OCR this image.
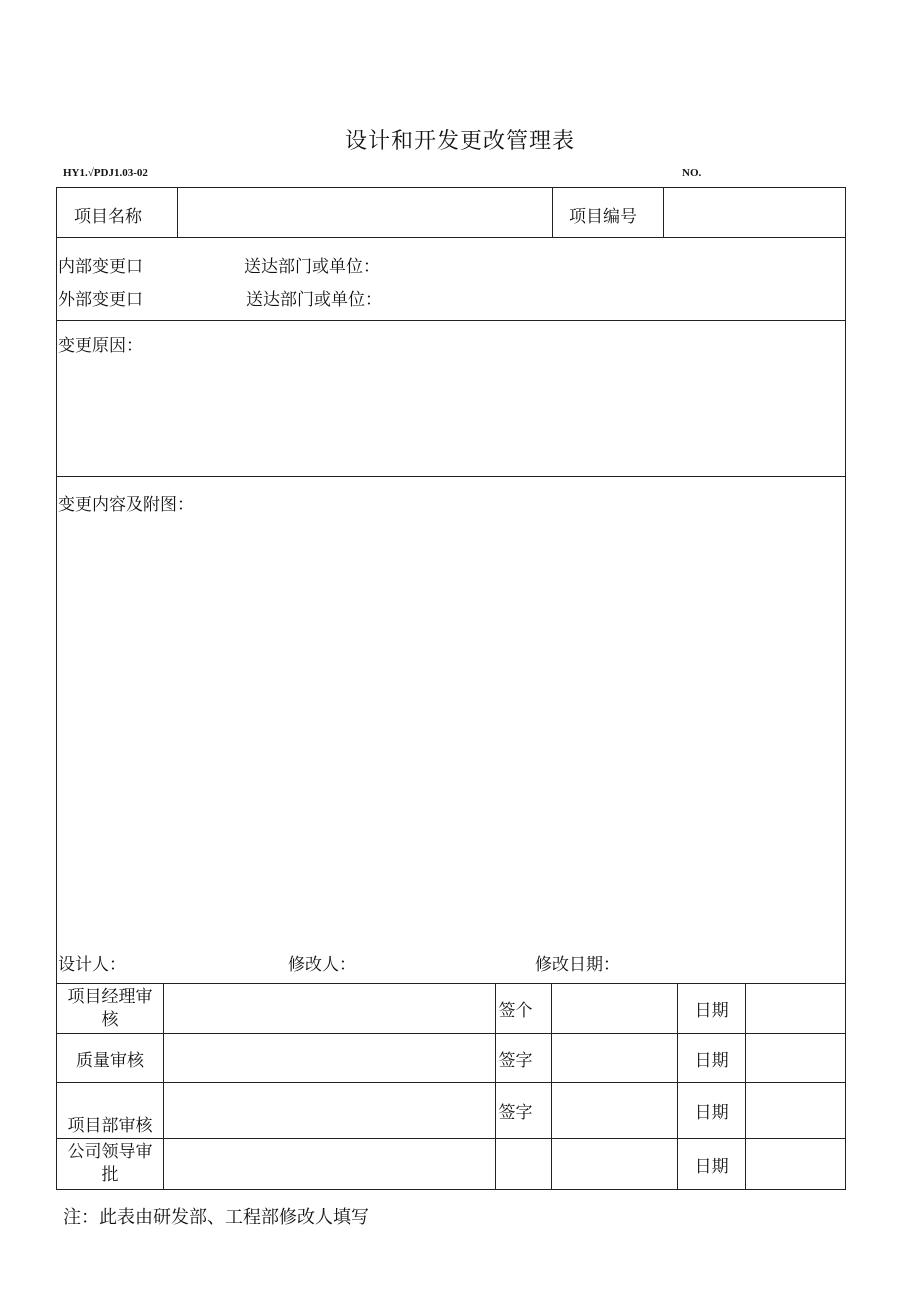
设计和开发更改管理表
HY1.√PDJ1.03-02	NO.
项目名称	项目编号
内部变更口	送达部门或单位：
外部变更口	送达部门或单位：
变更原因：
变更内容及附图：
设计人：	修改人：	修改日期：
项目经理审核		签个		日期	
质量审核		签字		日期	
项目部审核		签字		日期	
公司领导审批				日期	
注：此表由研发部、工程部修改人填写
